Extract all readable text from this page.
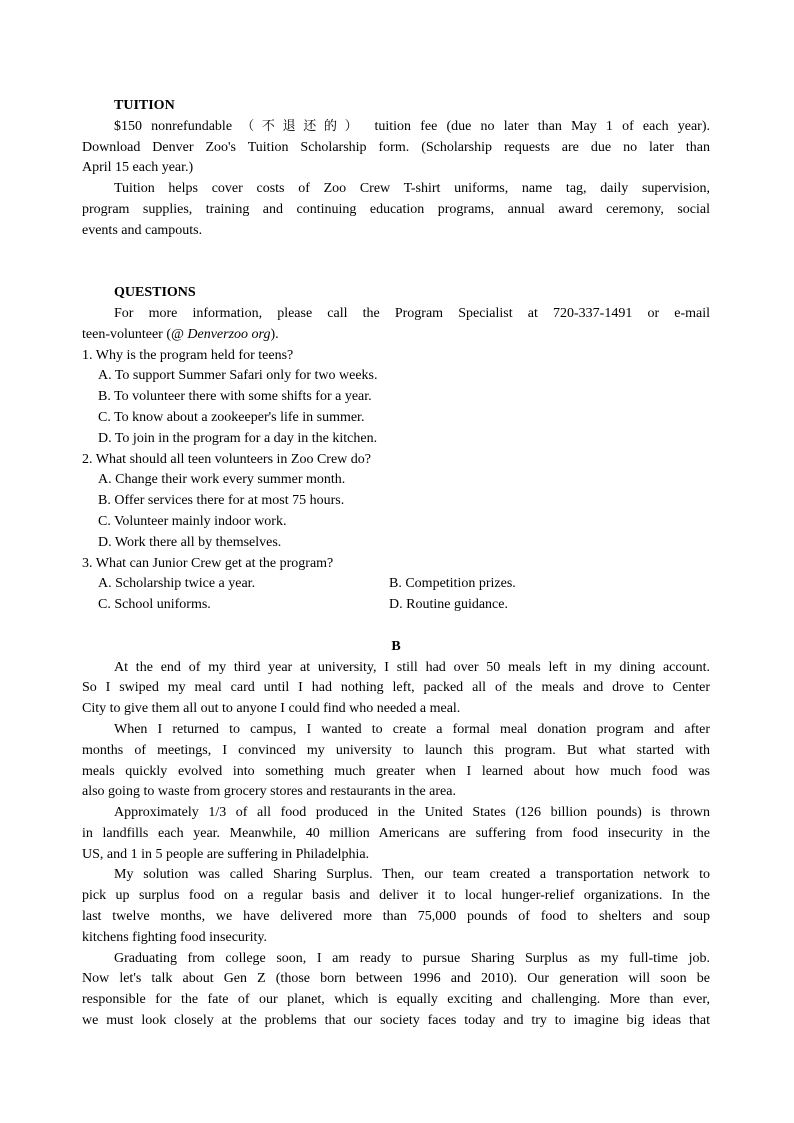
TUITION
$150 nonrefundable （不退还的） tuition fee (due no later than May 1 of each year).
Download Denver Zoo's Tuition Scholarship form. (Scholarship requests are due no later than
April 15 each year.)
Tuition helps cover costs of Zoo Crew T-shirt uniforms, name tag, daily supervision,
program supplies, training and continuing education programs, annual award ceremony, social
events and campouts.
QUESTIONS
For more information, please call the Program Specialist at 720-337-1491 or e-mail
teen-volunteer (@ Denverzoo org).
1. Why is the program held for teens?
A. To support Summer Safari only for two weeks.
B. To volunteer there with some shifts for a year.
C. To know about a zookeeper's life in summer.
D. To join in the program for a day in the kitchen.
2. What should all teen volunteers in Zoo Crew do?
A. Change their work every summer month.
B. Offer services there for at most 75 hours.
C. Volunteer mainly indoor work.
D. Work there all by themselves.
3. What can Junior Crew get at the program?
A. Scholarship twice a year.	B. Competition prizes.
C. School uniforms.	D. Routine guidance.
B
At the end of my third year at university, I still had over 50 meals left in my dining account.
So I swiped my meal card until I had nothing left, packed all of the meals and drove to Center
City to give them all out to anyone I could find who needed a meal.
When I returned to campus, I wanted to create a formal meal donation program and after
months of meetings, I convinced my university to launch this program. But what started with
meals quickly evolved into something much greater when I learned about how much food was
also going to waste from grocery stores and restaurants in the area.
Approximately 1/3 of all food produced in the United States (126 billion pounds) is thrown
in landfills each year. Meanwhile, 40 million Americans are suffering from food insecurity in the
US, and 1 in 5 people are suffering in Philadelphia.
My solution was called Sharing Surplus. Then, our team created a transportation network to
pick up surplus food on a regular basis and deliver it to local hunger-relief organizations. In the
last twelve months, we have delivered more than 75,000 pounds of food to shelters and soup
kitchens fighting food insecurity.
Graduating from college soon, I am ready to pursue Sharing Surplus as my full-time job.
Now let's talk about Gen Z (those born between 1996 and 2010). Our generation will soon be
responsible for the fate of our planet, which is equally exciting and challenging. More than ever,
we must look closely at the problems that our society faces today and try to imagine big ideas that
